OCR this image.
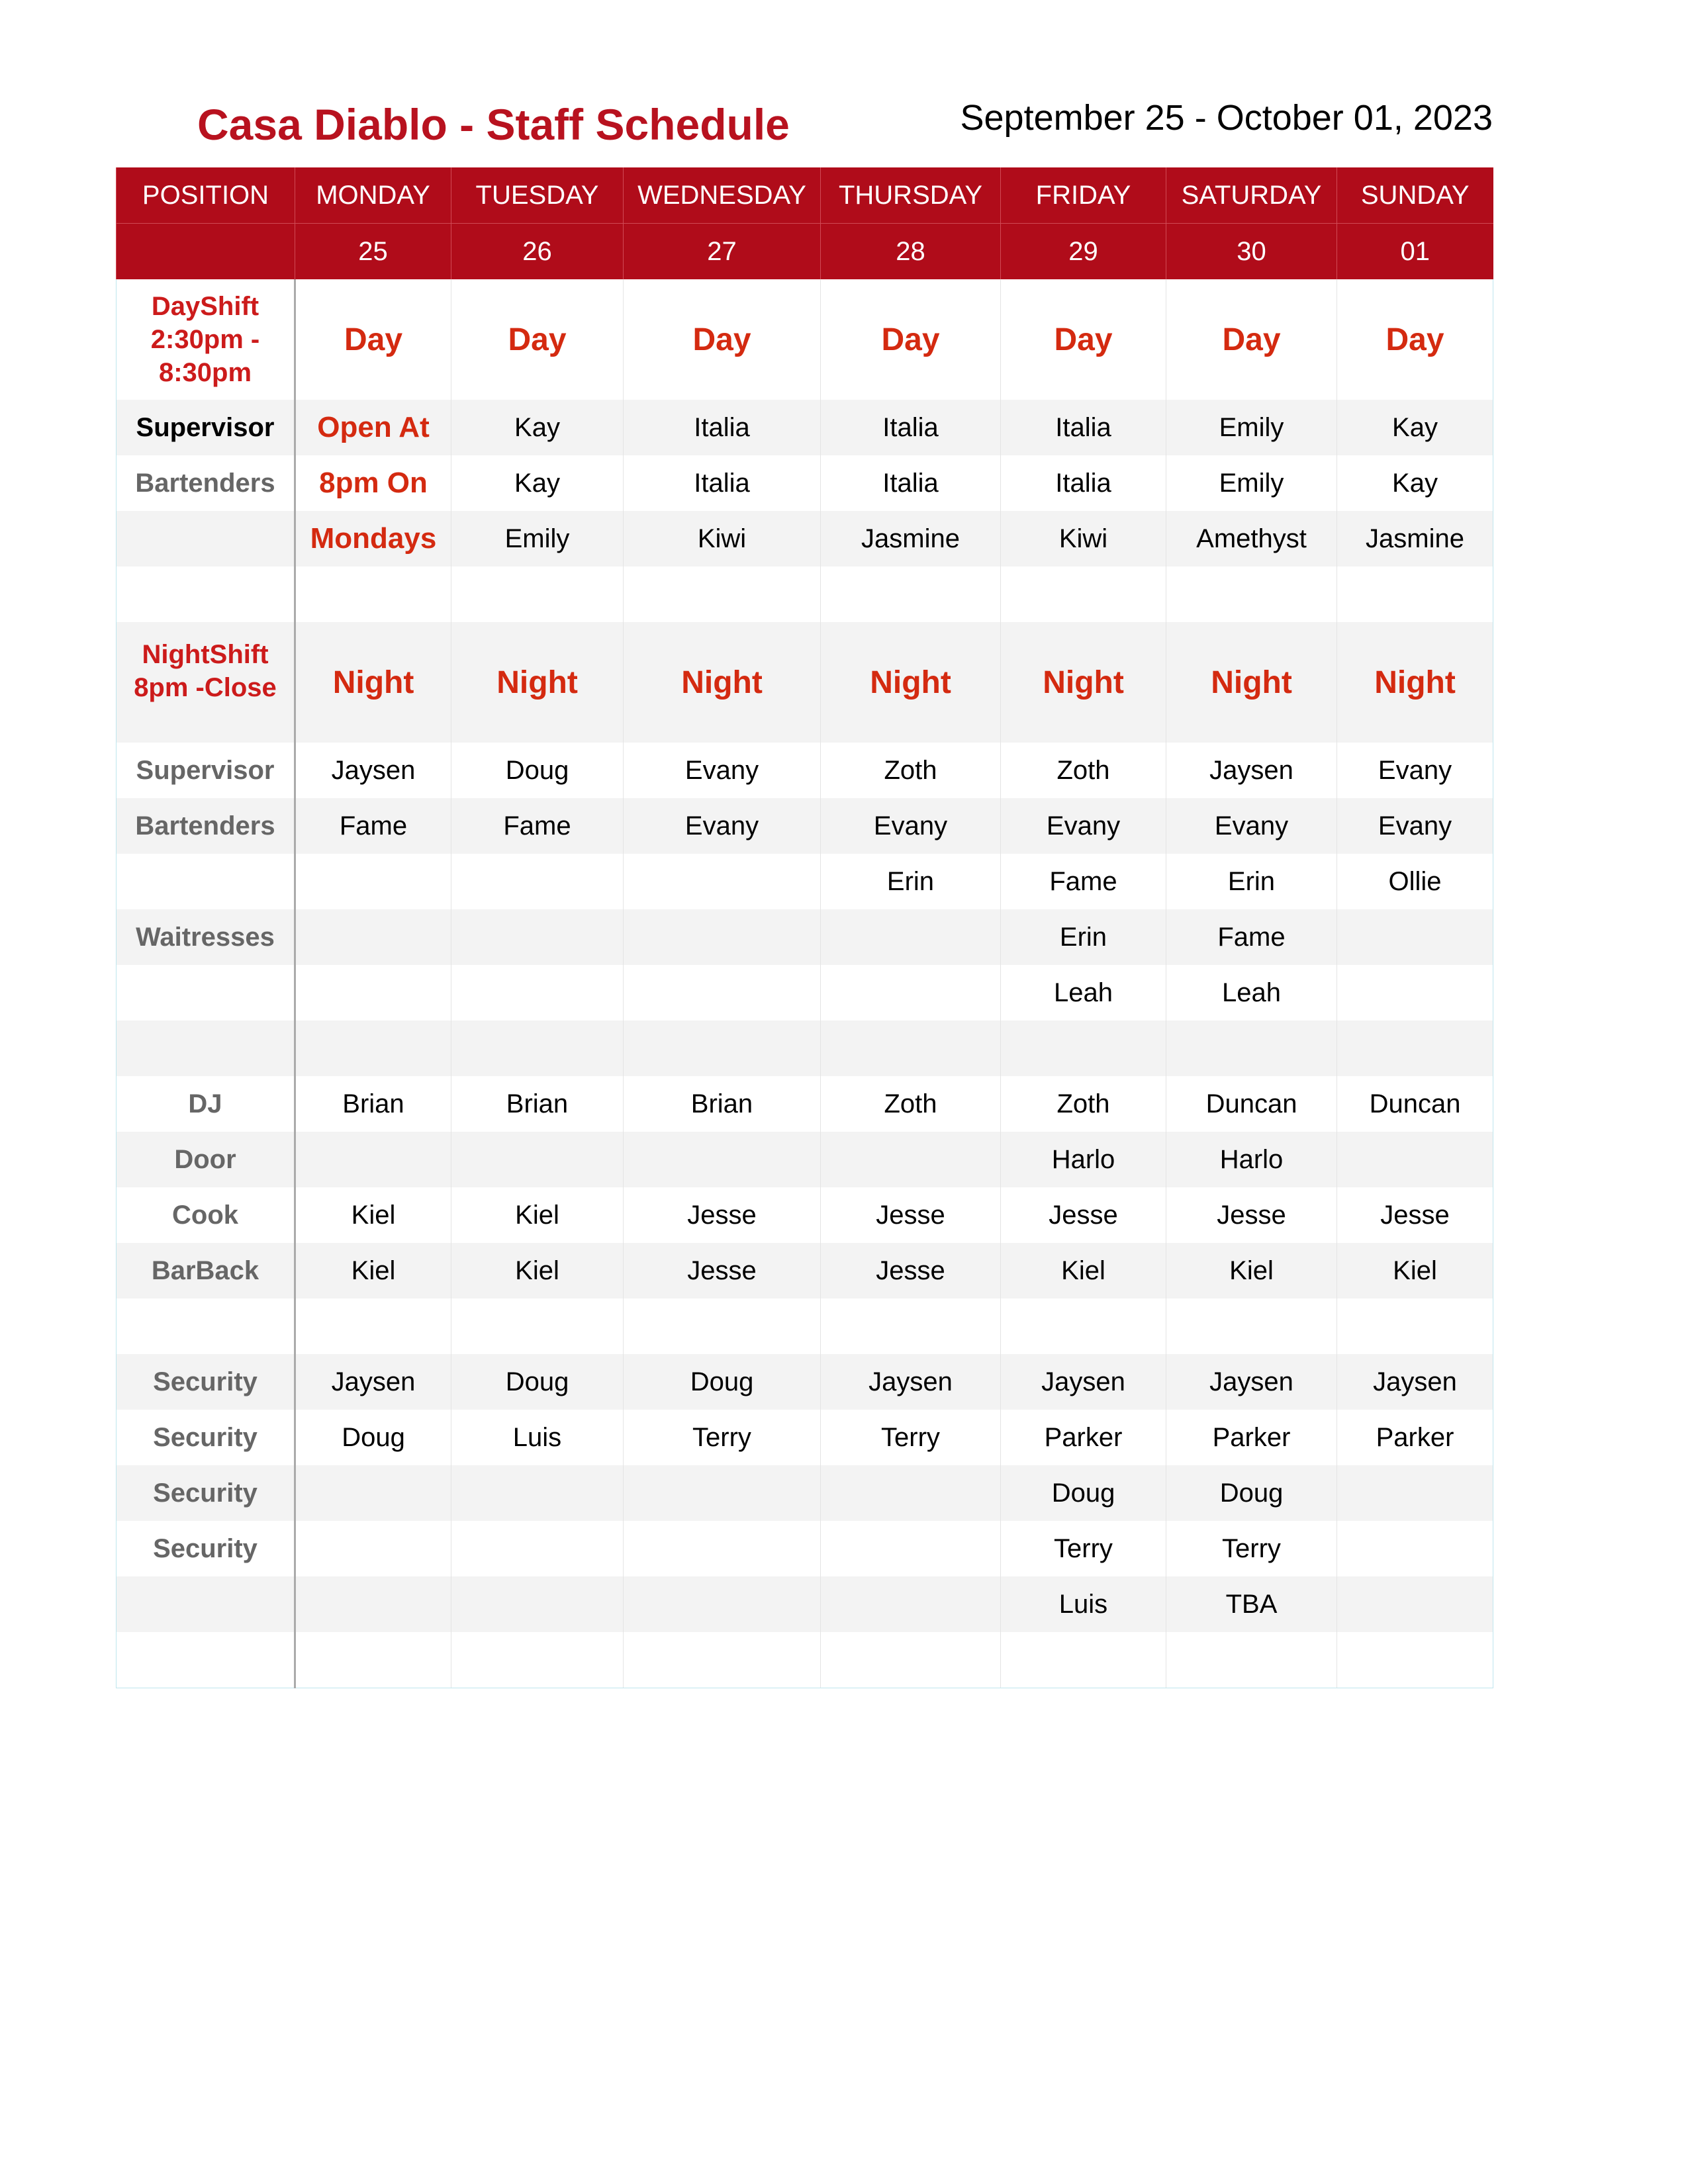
Casa Diablo - Staff Schedule	September 25 - October 01, 2023
POSITION	MONDAY	TUESDAY	WEDNESDAY	THURSDAY	FRIDAY	SATURDAY	SUNDAY
	25	26	27	28	29	30	01
DayShift 2:30pm - 8:30pm	Day	Day	Day	Day	Day	Day	Day
Supervisor	Open At	Kay	Italia	Italia	Italia	Emily	Kay
Bartenders	8pm On	Kay	Italia	Italia	Italia	Emily	Kay
	Mondays	Emily	Kiwi	Jasmine	Kiwi	Amethyst	Jasmine

NightShift 8pm -Close	Night	Night	Night	Night	Night	Night	Night
Supervisor	Jaysen	Doug	Evany	Zoth	Zoth	Jaysen	Evany
Bartenders	Fame	Fame	Evany	Evany	Evany	Evany	Evany
				Erin	Fame	Erin	Ollie
Waitresses					Erin	Fame	
					Leah	Leah	

DJ	Brian	Brian	Brian	Zoth	Zoth	Duncan	Duncan
Door					Harlo	Harlo	
Cook	Kiel	Kiel	Jesse	Jesse	Jesse	Jesse	Jesse
BarBack	Kiel	Kiel	Jesse	Jesse	Kiel	Kiel	Kiel

Security	Jaysen	Doug	Doug	Jaysen	Jaysen	Jaysen	Jaysen
Security	Doug	Luis	Terry	Terry	Parker	Parker	Parker
Security					Doug	Doug	
Security					Terry	Terry	
					Luis	TBA	
